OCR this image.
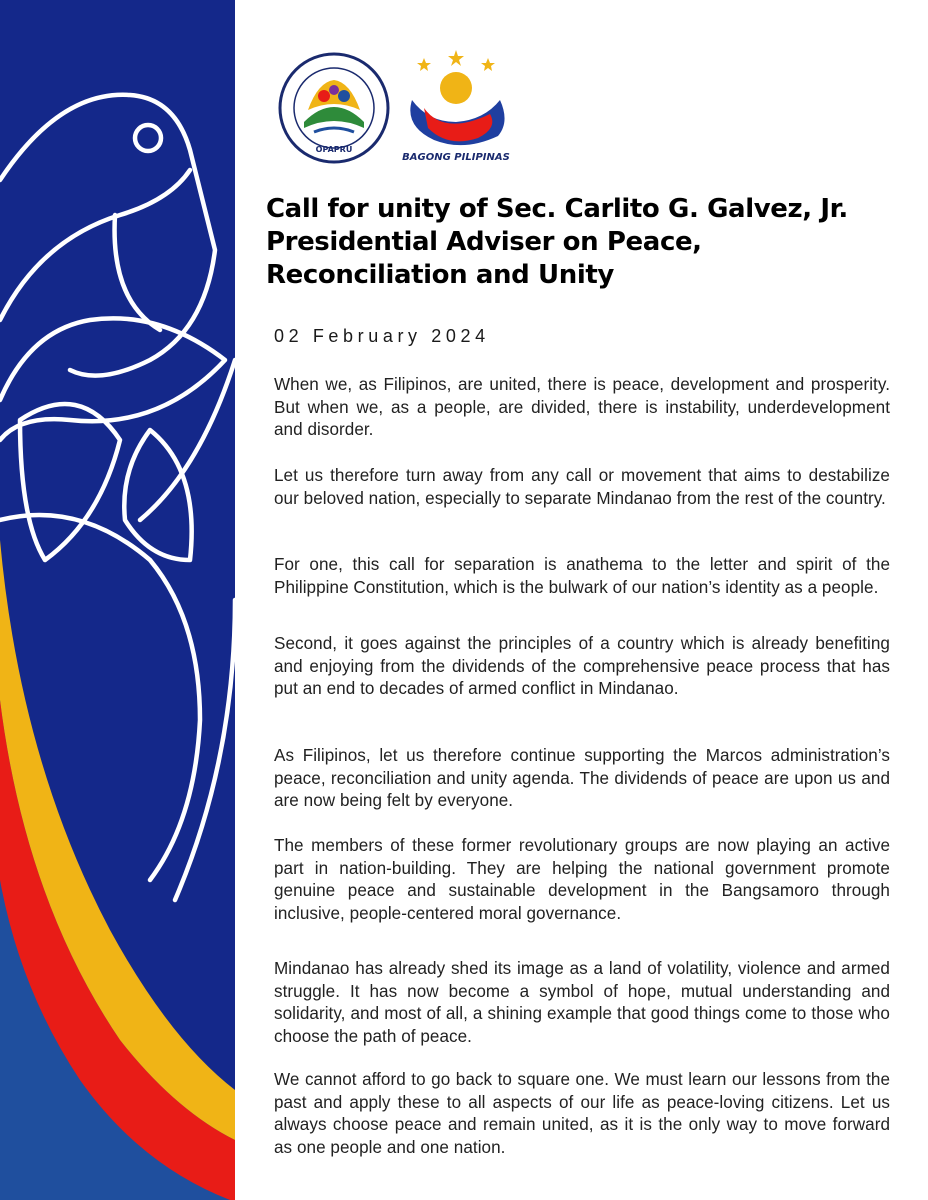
OPAPRU
BAGONG PILIPINAS
Call for unity of Sec. Carlito G. Galvez, Jr.
Presidential Adviser on Peace,
Reconciliation and Unity

02 February 2024

When we, as Filipinos, are united, there is peace, development and prosperity. But when we, as a people, are divided, there is instability, underdevelopment and disorder.

Let us therefore turn away from any call or movement that aims to destabilize our beloved nation, especially to separate Mindanao from the rest of the country.

For one, this call for separation is anathema to the letter and spirit of the Philippine Constitution, which is the bulwark of our nation’s identity as a people.

Second, it goes against the principles of a country which is already benefiting and enjoying from the dividends of the comprehensive peace process that has put an end to decades of armed conflict in Mindanao.

As Filipinos, let us therefore continue supporting the Marcos administration’s peace, reconciliation and unity agenda. The dividends of peace are upon us and are now being felt by everyone.

The members of these former revolutionary groups are now playing an active part in nation-building. They are helping the national government promote genuine peace and sustainable development in the Bangsamoro through inclusive, people-centered moral governance.

Mindanao has already shed its image as a land of volatility, violence and armed struggle. It has now become a symbol of hope, mutual understanding and solidarity, and most of all, a shining example that good things come to those who choose the path of peace.

We cannot afford to go back to square one. We must learn our lessons from the past and apply these to all aspects of our life as peace-loving citizens. Let us always choose peace and remain united, as it is the only way to move forward as one people and one nation.
